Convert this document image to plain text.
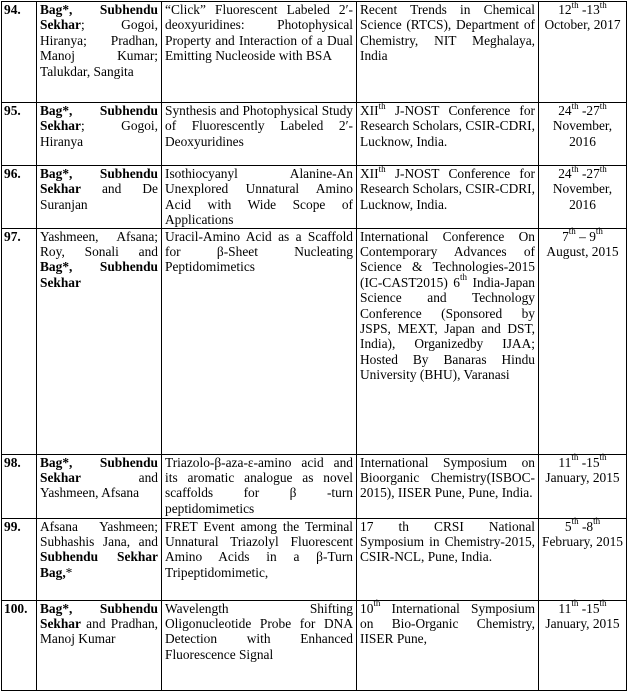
94.	Bag*, Subhendu Sekhar; Gogoi, Hiranya; Pradhan, Manoj Kumar; Talukdar, Sangita	“Click” Fluorescent Labeled 2′-deoxyuridines: Photophysical Property and Interaction of a Dual Emitting Nucleoside with BSA	Recent Trends in Chemical Science (RTCS), Department of Chemistry, NIT Meghalaya, India	12th -13th October, 2017
95.	Bag*, Subhendu Sekhar; Gogoi, Hiranya	Synthesis and Photophysical Study of Fluorescently Labeled 2′-Deoxyuridines	XIIth J-NOST Conference for Research Scholars, CSIR-CDRI, Lucknow, India.	24th -27th November, 2016
96.	Bag*, Subhendu Sekhar and De Suranjan	Isothiocyanyl Alanine-An Unexplored Unnatural Amino Acid with Wide Scope of Applications	XIIth J-NOST Conference for Research Scholars, CSIR-CDRI, Lucknow, India.	24th -27th November, 2016
97.	Yashmeen, Afsana; Roy, Sonali and Bag*, Subhendu Sekhar	Uracil-Amino Acid as a Scaffold for β-Sheet Nucleating Peptidomimetics	International Conference On Contemporary Advances of Science & Technologies-2015 (IC-CAST2015) 6th India-Japan Science and Technology Conference (Sponsored by JSPS, MEXT, Japan and DST, India), Organizedby IJAA; Hosted By Banaras Hindu University (BHU), Varanasi	7th – 9th August, 2015
98.	Bag*, Subhendu Sekhar and Yashmeen, Afsana	Triazolo-β-aza-ε-amino acid and its aromatic analogue as novel scaffolds for β -turn peptidomimetics	International Symposium on Bioorganic Chemistry(ISBOC-2015), IISER Pune, Pune, India.	11th -15th January, 2015
99.	Afsana Yashmeen; Subhashis Jana, and Subhendu Sekhar Bag,*	FRET Event among the Terminal Unnatural Triazolyl Fluorescent Amino Acids in a β-Turn Tripeptidomimetic,	17 th CRSI National Symposium in Chemistry-2015, CSIR-NCL, Pune, India.	5th -8th February, 2015
100.	Bag*, Subhendu Sekhar and Pradhan, Manoj Kumar	Wavelength Shifting Oligonucleotide Probe for DNA Detection with Enhanced Fluorescence Signal	10th International Symposium on Bio-Organic Chemistry, IISER Pune,	11th -15th January, 2015
